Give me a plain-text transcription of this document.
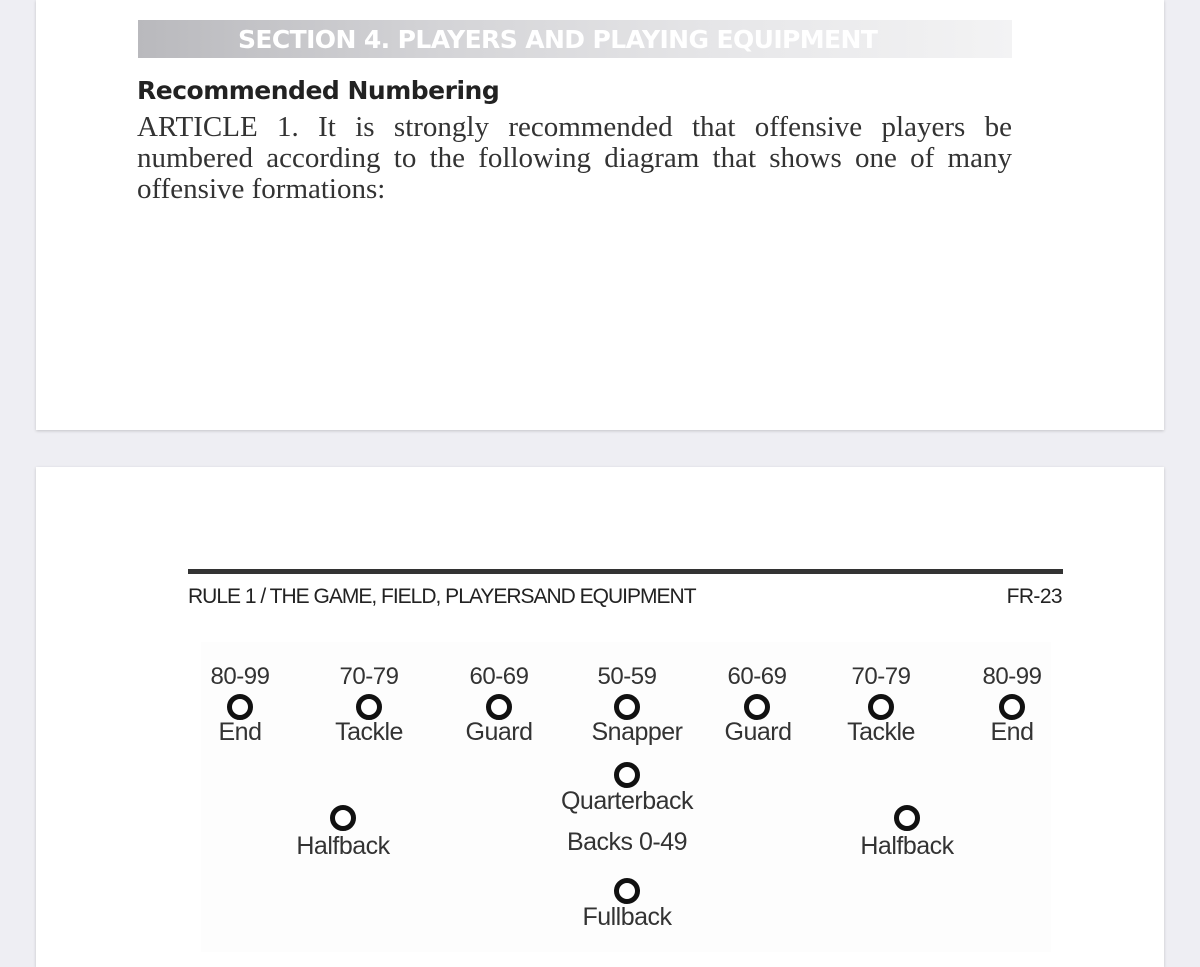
SECTION 4. PLAYERS AND PLAYING EQUIPMENT
Recommended Numbering
ARTICLE 1. It is strongly recommended that offensive players be numbered according to the following diagram that shows one of many offensive formations:
RULE 1 / THE GAME, FIELD, PLAYERSAND EQUIPMENT	FR-23
80-99
End
70-79
Tackle
60-69
Guard
50-59
Snapper
60-69
Guard
70-79
Tackle
80-99
End
Quarterback
Halfback	Backs 0-49	Halfback
Fullback
